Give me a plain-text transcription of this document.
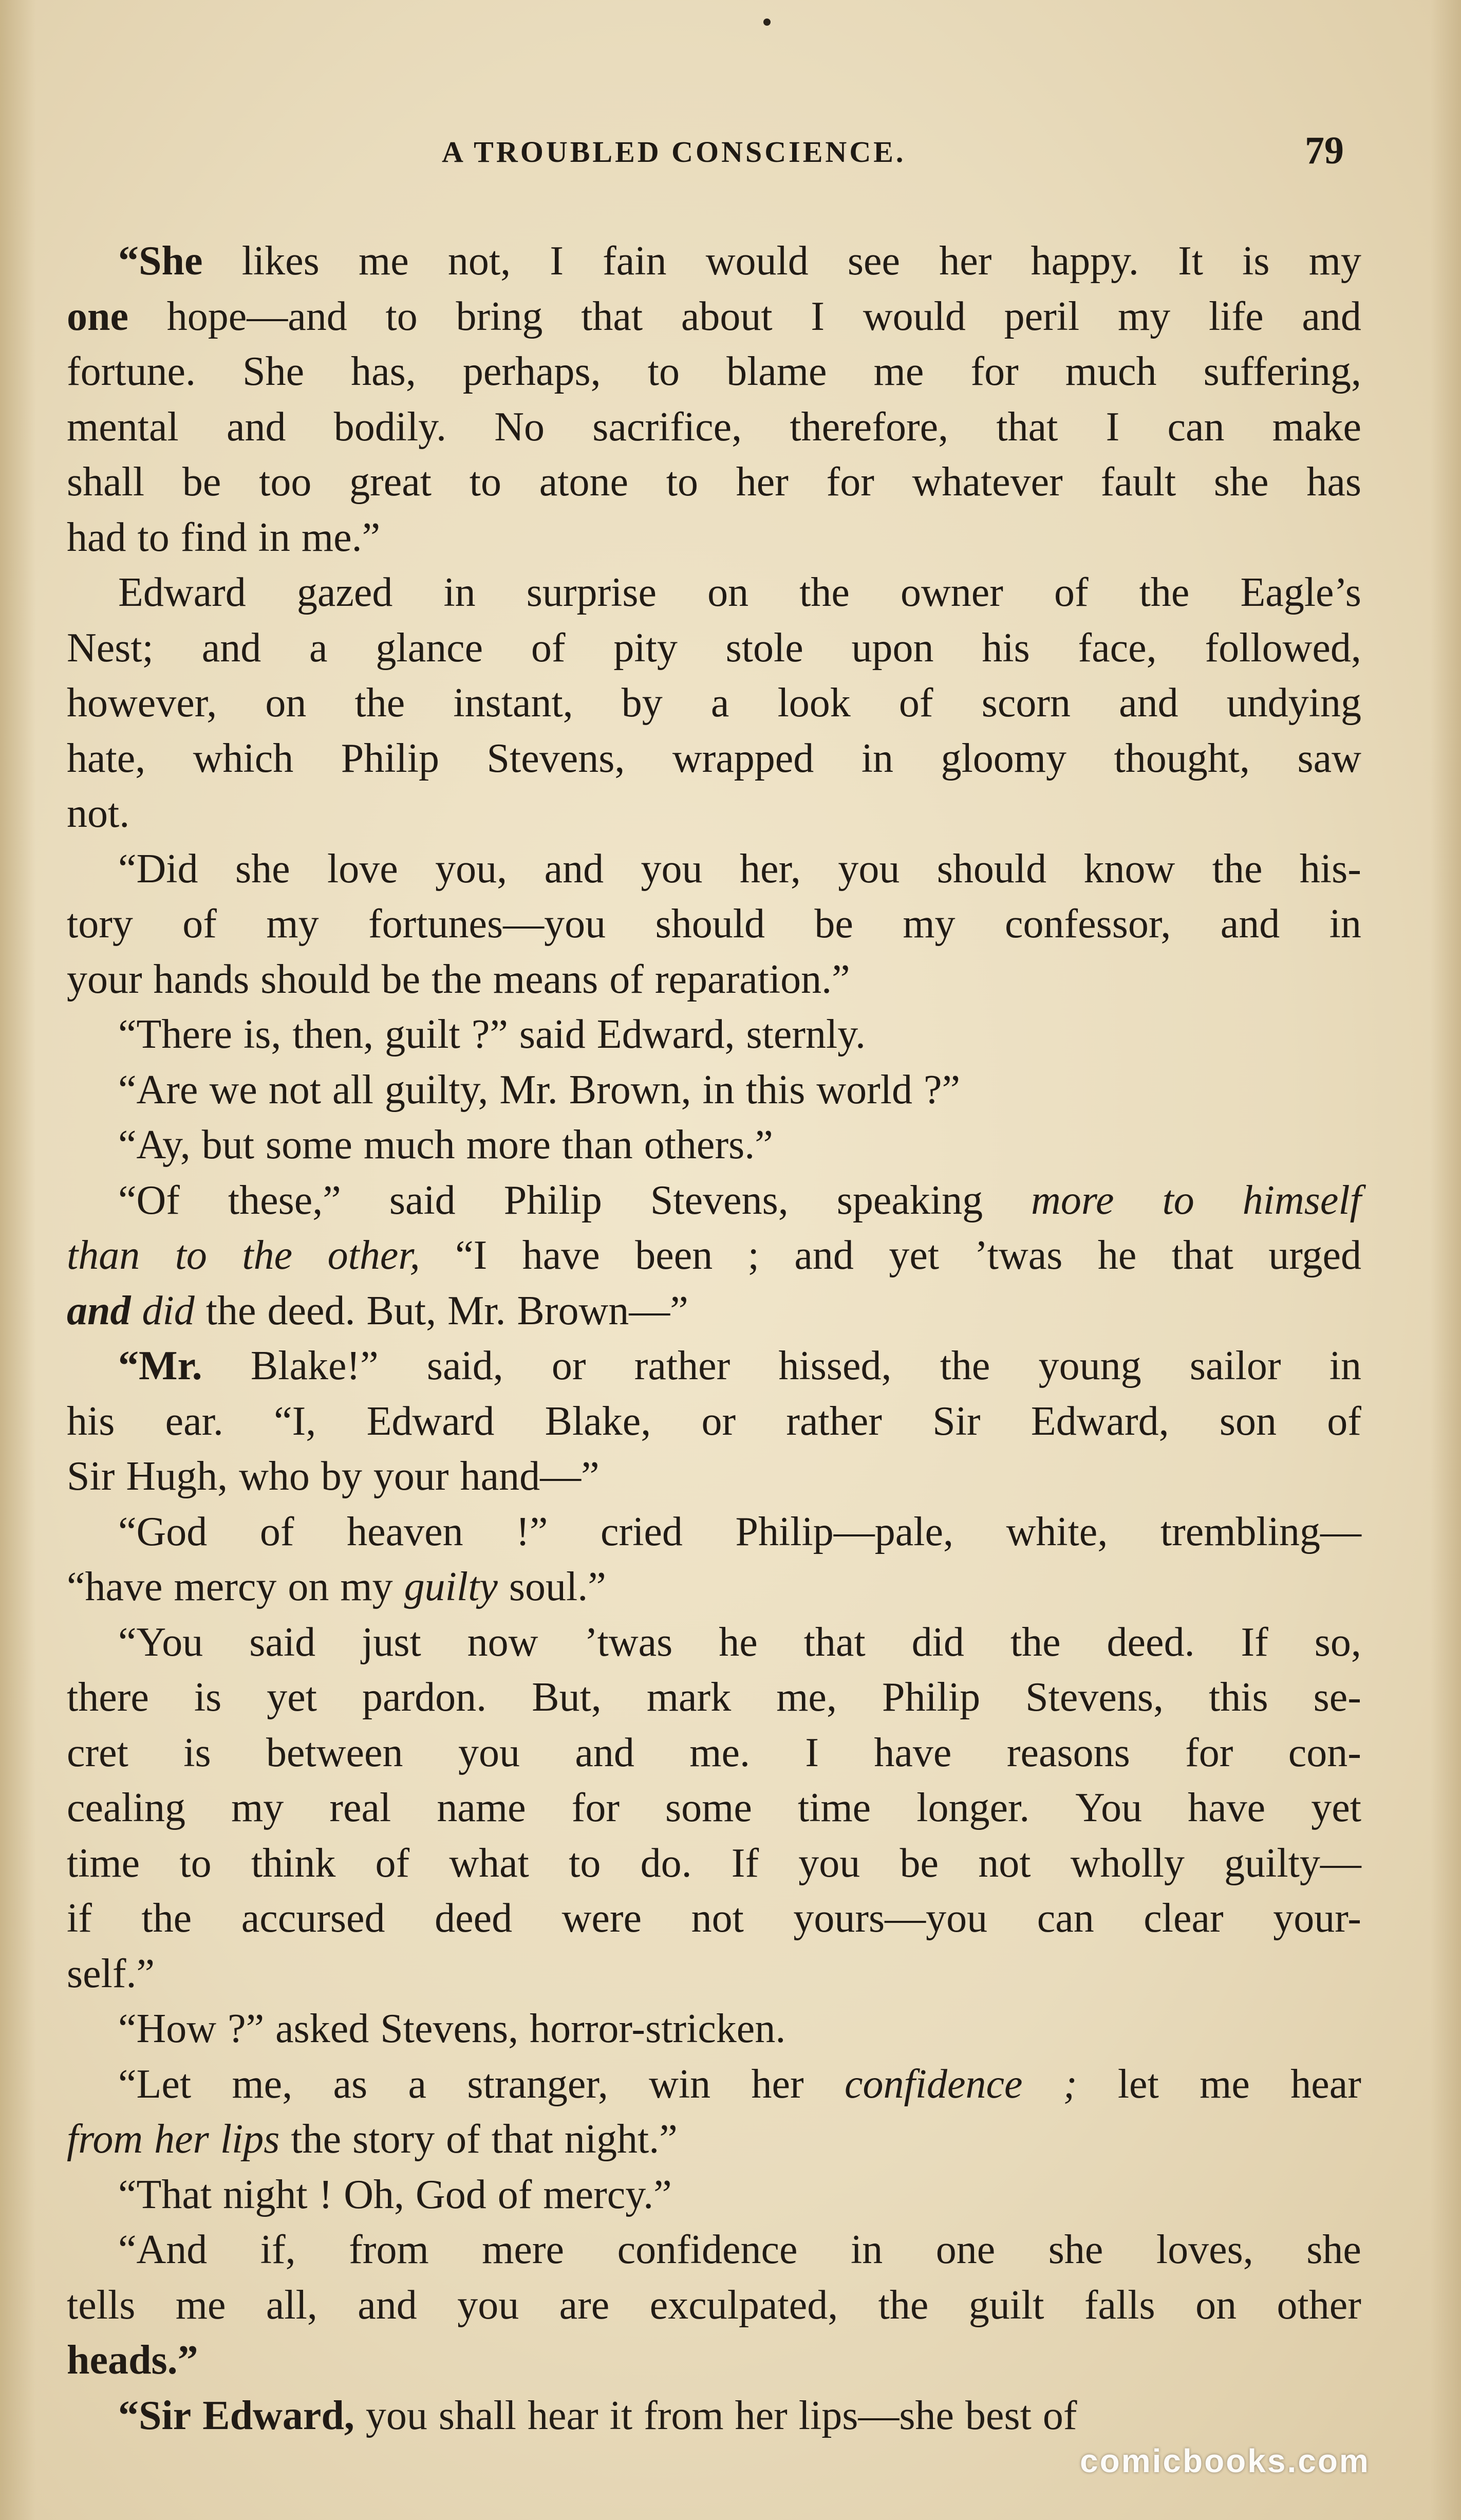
A TROUBLED CONSCIENCE.	79
“She likes me not, I fain would see her happy. It is my
one hope—and to bring that about I would peril my life and
fortune. She has, perhaps, to blame me for much suffering,
mental and bodily. No sacrifice, therefore, that I can make
shall be too great to atone to her for whatever fault she has
had to find in me.”
Edward gazed in surprise on the owner of the Eagle’s
Nest; and a glance of pity stole upon his face, followed,
however, on the instant, by a look of scorn and undying
hate, which Philip Stevens, wrapped in gloomy thought, saw
not.
“Did she love you, and you her, you should know the his-
tory of my fortunes—you should be my confessor, and in
your hands should be the means of reparation.”
“There is, then, guilt ?” said Edward, sternly.
“Are we not all guilty, Mr. Brown, in this world ?”
“Ay, but some much more than others.”
“Of these,” said Philip Stevens, speaking more to himself
than to the other, “I have been ; and yet ’twas he that urged
and did the deed. But, Mr. Brown—”
“Mr. Blake!” said, or rather hissed, the young sailor in
his ear. “I, Edward Blake, or rather Sir Edward, son of
Sir Hugh, who by your hand—”
“God of heaven !” cried Philip—pale, white, trembling—
“have mercy on my guilty soul.”
“You said just now ’twas he that did the deed. If so,
there is yet pardon. But, mark me, Philip Stevens, this se-
cret is between you and me. I have reasons for con-
cealing my real name for some time longer. You have yet
time to think of what to do. If you be not wholly guilty—
if the accursed deed were not yours—you can clear your-
self.”
“How ?” asked Stevens, horror-stricken.
“Let me, as a stranger, win her confidence ; let me hear
from her lips the story of that night.”
“That night ! Oh, God of mercy.”
“And if, from mere confidence in one she loves, she
tells me all, and you are exculpated, the guilt falls on other
heads.”
“Sir Edward, you shall hear it from her lips—she best of
comicbooks.com
